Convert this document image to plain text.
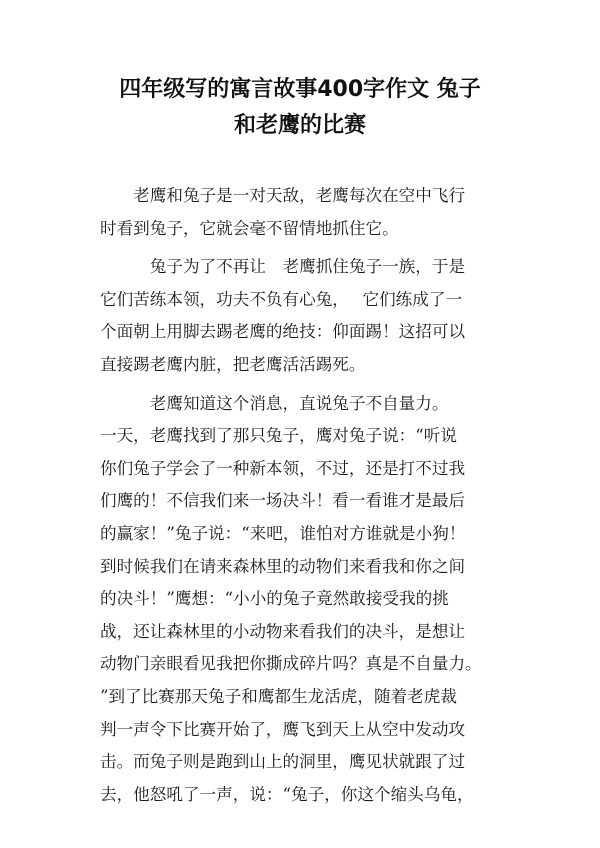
四年级写的寓言故事400字作文 兔子
和老鹰的比赛
　　老鹰和兔子是一对天敌，老鹰每次在空中飞行
时看到兔子，它就会毫不留情地抓住它。
　　　兔子为了不再让　老鹰抓住兔子一族，于是
它们苦练本领，功夫不负有心兔，　 它们练成了一
个面朝上用脚去踢老鹰的绝技：仰面踢！这招可以
直接踢老鹰内脏，把老鹰活活踢死。
　　　老鹰知道这个消息，直说兔子不自量力。
一天，老鹰找到了那只兔子，鹰对兔子说：“听说
你们兔子学会了一种新本领，不过，还是打不过我
们鹰的！不信我们来一场决斗！看一看谁才是最后
的赢家！”兔子说：“来吧，谁怕对方谁就是小狗！
到时候我们在请来森林里的动物们来看我和你之间
的决斗！”鹰想：“小小的兔子竟然敢接受我的挑
战，还让森林里的小动物来看我们的决斗，是想让
动物门亲眼看见我把你撕成碎片吗？真是不自量力。
”到了比赛那天兔子和鹰都生龙活虎，随着老虎裁
判一声令下比赛开始了，鹰飞到天上从空中发动攻
击。而兔子则是跑到山上的洞里，鹰见状就跟了过
去，他怒吼了一声，说：“兔子，你这个缩头乌龟，
